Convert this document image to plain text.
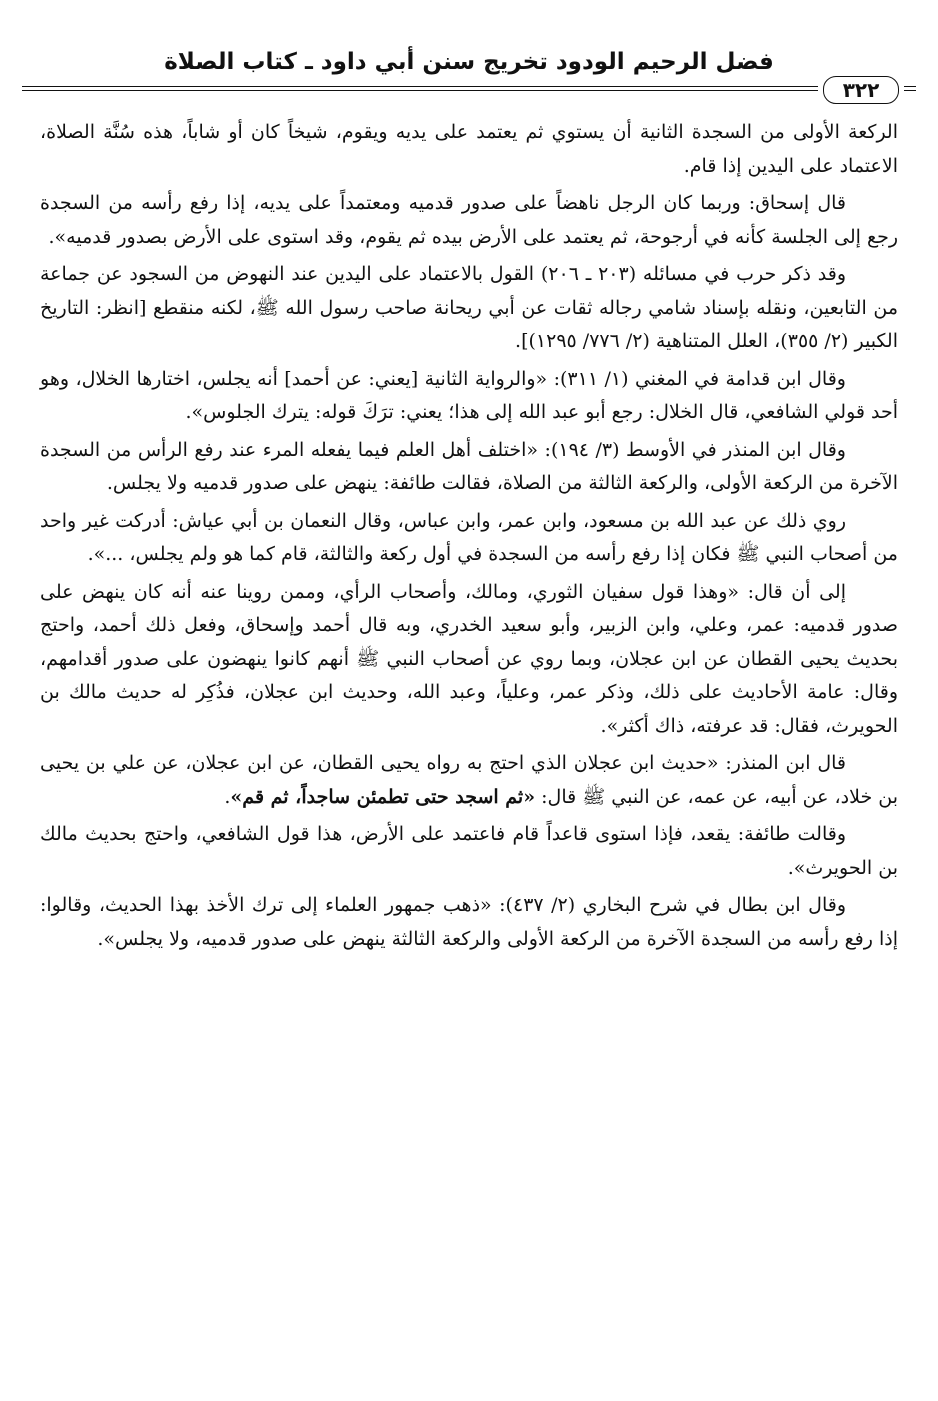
فضل الرحيم الودود تخريج سنن أبي داود ـ كتاب الصلاة
٣٢٢

الركعة الأولى من السجدة الثانية أن يستوي ثم يعتمد على يديه ويقوم، شيخاً كان أو شاباً، هذه سُنَّة الصلاة، الاعتماد على اليدين إذا قام.

قال إسحاق: وربما كان الرجل ناهضاً على صدور قدميه ومعتمداً على يديه، إذا رفع رأسه من السجدة رجع إلى الجلسة كأنه في أرجوحة، ثم يعتمد على الأرض بيده ثم يقوم، وقد استوى على الأرض بصدور قدميه».

وقد ذكر حرب في مسائله (٢٠٣ ـ ٢٠٦) القول بالاعتماد على اليدين عند النهوض من السجود عن جماعة من التابعين، ونقله بإسناد شامي رجاله ثقات عن أبي ريحانة صاحب رسول الله ﷺ، لكنه منقطع [انظر: التاريخ الكبير (٢/ ٣٥٥)، العلل المتناهية (٢/ ٧٧٦/ ١٢٩٥)].

وقال ابن قدامة في المغني (١/ ٣١١): «والرواية الثانية [يعني: عن أحمد] أنه يجلس، اختارها الخلال، وهو أحد قولي الشافعي، قال الخلال: رجع أبو عبد الله إلى هذا؛ يعني: ترَكَ قوله: يترك الجلوس».

وقال ابن المنذر في الأوسط (٣/ ١٩٤): «اختلف أهل العلم فيما يفعله المرء عند رفع الرأس من السجدة الآخرة من الركعة الأولى، والركعة الثالثة من الصلاة، فقالت طائفة: ينهض على صدور قدميه ولا يجلس.

روي ذلك عن عبد الله بن مسعود، وابن عمر، وابن عباس، وقال النعمان بن أبي عياش: أدركت غير واحد من أصحاب النبي ﷺ فكان إذا رفع رأسه من السجدة في أول ركعة والثالثة، قام كما هو ولم يجلس، ...».

إلى أن قال: «وهذا قول سفيان الثوري، ومالك، وأصحاب الرأي، وممن روينا عنه أنه كان ينهض على صدور قدميه: عمر، وعلي، وابن الزبير، وأبو سعيد الخدري، وبه قال أحمد وإسحاق، وفعل ذلك أحمد، واحتج بحديث يحيى القطان عن ابن عجلان، وبما روي عن أصحاب النبي ﷺ أنهم كانوا ينهضون على صدور أقدامهم، وقال: عامة الأحاديث على ذلك، وذكر عمر، وعلياً، وعبد الله، وحديث ابن عجلان، فذُكِر له حديث مالك بن الحويرث، فقال: قد عرفته، ذاك أكثر».

قال ابن المنذر: «حديث ابن عجلان الذي احتج به رواه يحيى القطان، عن ابن عجلان، عن علي بن يحيى بن خلاد، عن أبيه، عن عمه، عن النبي ﷺ قال: «ثم اسجد حتى تطمئن ساجداً، ثم قم».

وقالت طائفة: يقعد، فإذا استوى قاعداً قام فاعتمد على الأرض، هذا قول الشافعي، واحتج بحديث مالك بن الحويرث».

وقال ابن بطال في شرح البخاري (٢/ ٤٣٧): «ذهب جمهور العلماء إلى ترك الأخذ بهذا الحديث، وقالوا: إذا رفع رأسه من السجدة الآخرة من الركعة الأولى والركعة الثالثة ينهض على صدور قدميه، ولا يجلس».
